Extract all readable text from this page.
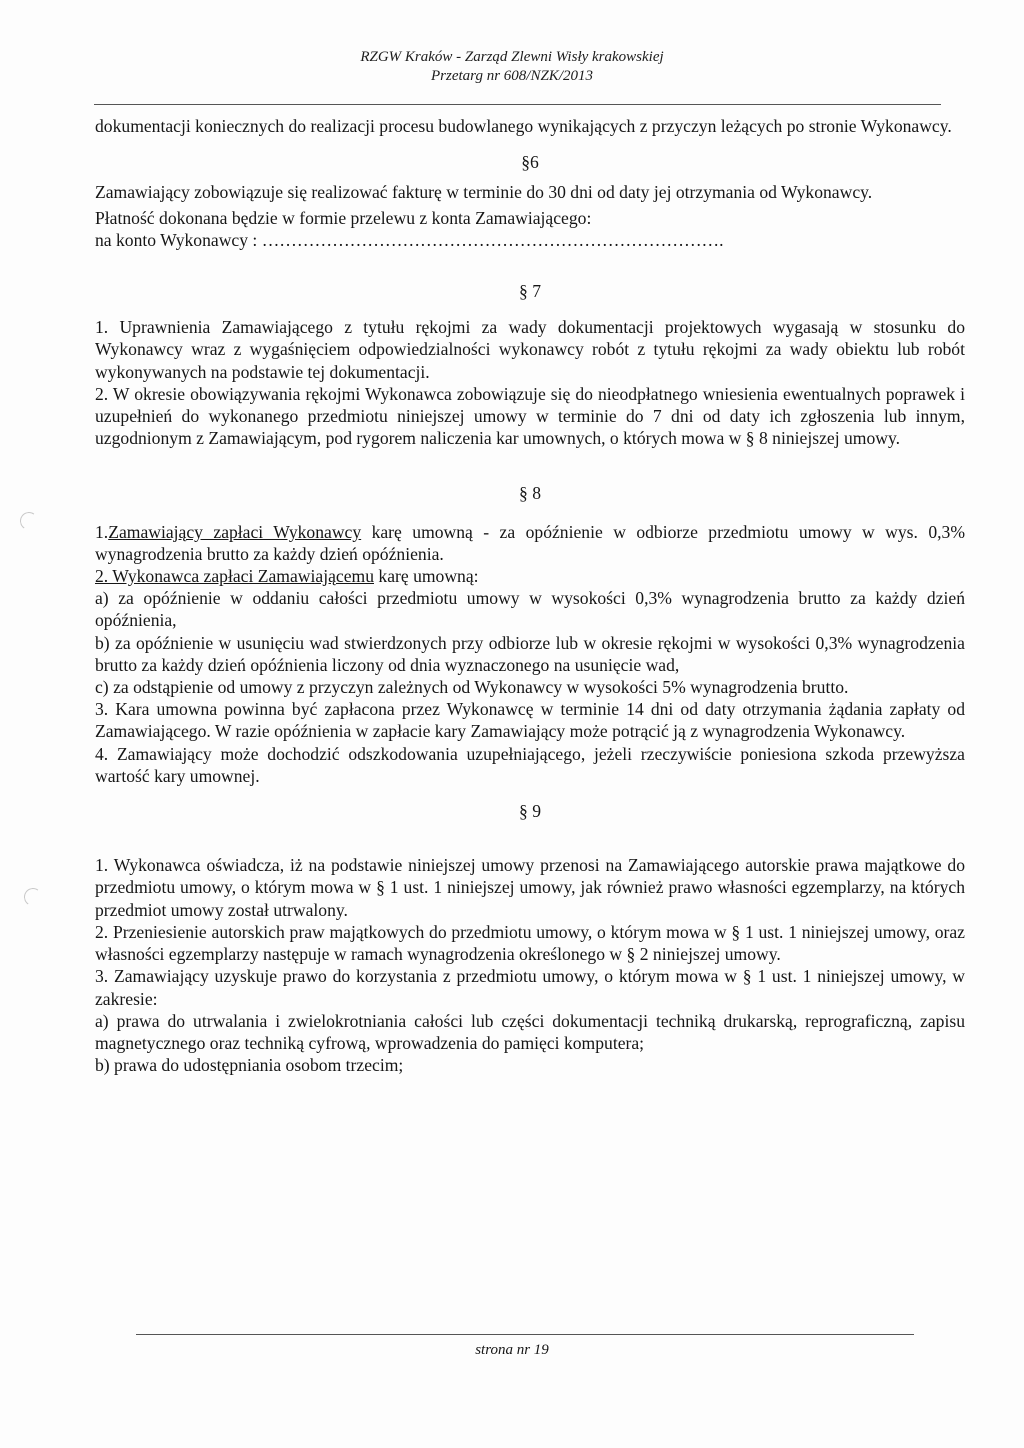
RZGW Kraków - Zarząd Zlewni Wisły krakowskiej
Przetarg nr 608/NZK/2013

dokumentacji koniecznych do realizacji procesu budowlanego wynikających z przyczyn leżących po stronie Wykonawcy.

§6

Zamawiający zobowiązuje się realizować fakturę w terminie do 30 dni od daty jej otrzymania od Wykonawcy.

Płatność dokonana będzie w formie przelewu z konta Zamawiającego:

na konto Wykonawcy : …………………………………………………………………….

§ 7

1. Uprawnienia Zamawiającego z tytułu rękojmi za wady dokumentacji projektowych wygasają w stosunku do Wykonawcy wraz z wygaśnięciem odpowiedzialności wykonawcy robót z tytułu rękojmi za wady obiektu lub robót wykonywanych na podstawie tej dokumentacji.

2. W okresie obowiązywania rękojmi Wykonawca zobowiązuje się do nieodpłatnego wniesienia ewentualnych poprawek i uzupełnień do wykonanego przedmiotu niniejszej umowy w terminie do 7 dni od daty ich zgłoszenia lub innym, uzgodnionym z Zamawiającym, pod rygorem naliczenia kar umownych, o których mowa w § 8 niniejszej umowy.

§ 8

1.Zamawiający zapłaci Wykonawcy karę umowną - za opóźnienie w odbiorze przedmiotu umowy w wys. 0,3% wynagrodzenia brutto za każdy dzień opóźnienia.

2. Wykonawca zapłaci Zamawiającemu karę umowną:

a) za opóźnienie w oddaniu całości przedmiotu umowy w wysokości 0,3% wynagrodzenia brutto za każdy dzień opóźnienia,

b) za opóźnienie w usunięciu wad stwierdzonych przy odbiorze lub w okresie rękojmi w wysokości 0,3% wynagrodzenia brutto za każdy dzień opóźnienia liczony od dnia wyznaczonego na usunięcie wad,

c) za odstąpienie od umowy z przyczyn zależnych od Wykonawcy w wysokości 5% wynagrodzenia brutto.

3. Kara umowna powinna być zapłacona przez Wykonawcę w terminie 14 dni od daty otrzymania żądania zapłaty od Zamawiającego. W razie opóźnienia w zapłacie kary Zamawiający może potrącić ją z wynagrodzenia Wykonawcy.

4. Zamawiający może dochodzić odszkodowania uzupełniającego, jeżeli rzeczywiście poniesiona szkoda przewyższa wartość kary umownej.

§ 9

1. Wykonawca oświadcza, iż na podstawie niniejszej umowy przenosi na Zamawiającego autorskie prawa majątkowe do przedmiotu umowy, o którym mowa w § 1 ust. 1 niniejszej umowy, jak również prawo własności egzemplarzy, na których przedmiot umowy został utrwalony.

2. Przeniesienie autorskich praw majątkowych do przedmiotu umowy, o którym mowa w § 1 ust. 1 niniejszej umowy, oraz własności egzemplarzy następuje w ramach wynagrodzenia określonego w § 2 niniejszej umowy.

3. Zamawiający uzyskuje prawo do korzystania z przedmiotu umowy, o którym mowa w § 1 ust. 1 niniejszej umowy, w zakresie:

a) prawa do utrwalania i zwielokrotniania całości lub części dokumentacji techniką drukarską, reprograficzną, zapisu magnetycznego oraz techniką cyfrową, wprowadzenia do pamięci komputera;

b) prawa do udostępniania osobom trzecim;

strona nr 19
